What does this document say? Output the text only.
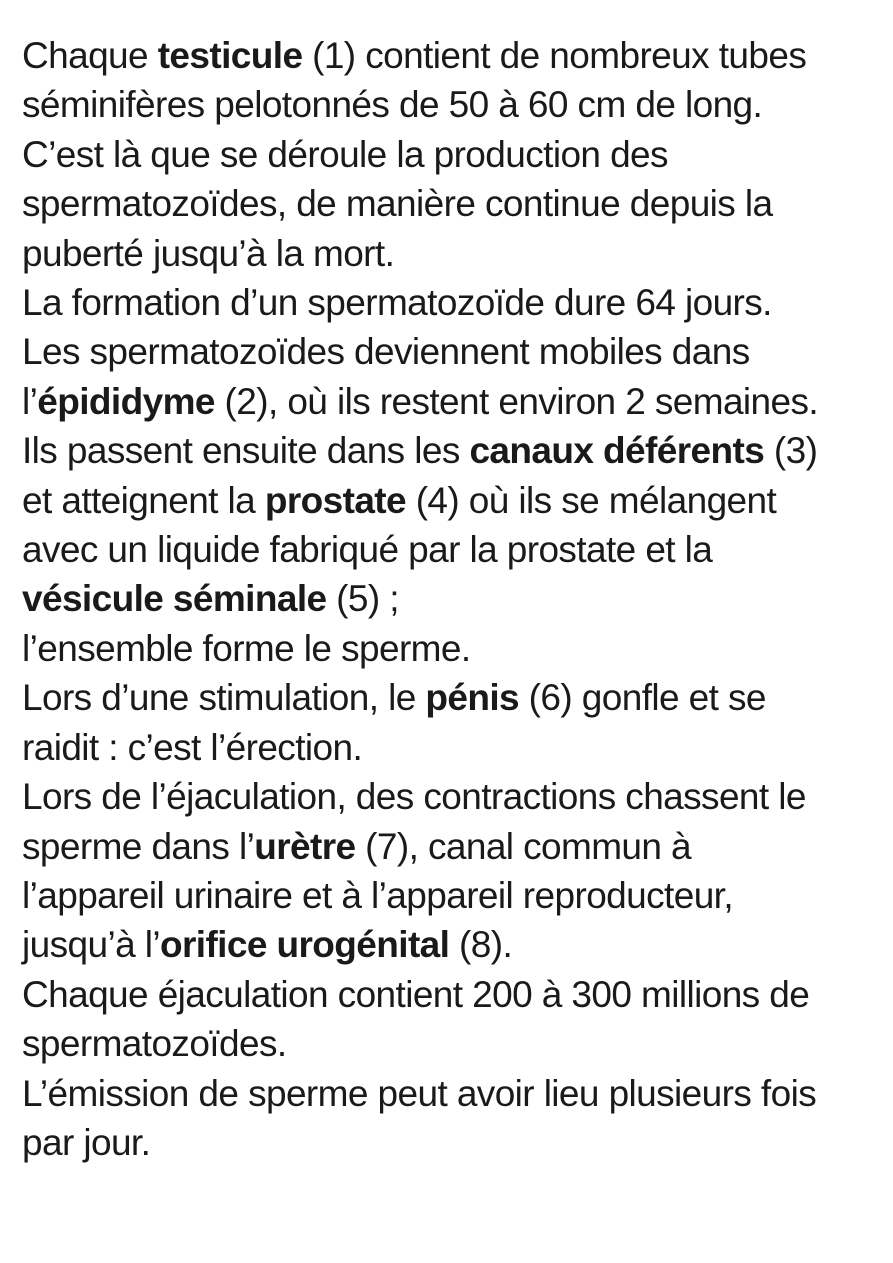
Chaque testicule (1) contient de nombreux tubes
séminifères pelotonnés de 50 à 60 cm de long.
C’est là que se déroule la production des
spermatozoïdes, de manière continue depuis la
puberté jusqu’à la mort.
La formation d’un spermatozoïde dure 64 jours.
Les spermatozoïdes deviennent mobiles dans
l’épididyme (2), où ils restent environ 2 semaines.
Ils passent ensuite dans les canaux déférents (3)
et atteignent la prostate (4) où ils se mélangent
avec un liquide fabriqué par la prostate et la
vésicule séminale (5) ;
l’ensemble forme le sperme.
Lors d’une stimulation, le pénis (6) gonfle et se
raidit : c’est l’érection.
Lors de l’éjaculation, des contractions chassent le
sperme dans l’urètre (7), canal commun à
l’appareil urinaire et à l’appareil reproducteur,
jusqu’à l’orifice urogénital (8).
Chaque éjaculation contient 200 à 300 millions de
spermatozoïdes.
L’émission de sperme peut avoir lieu plusieurs fois
par jour.
